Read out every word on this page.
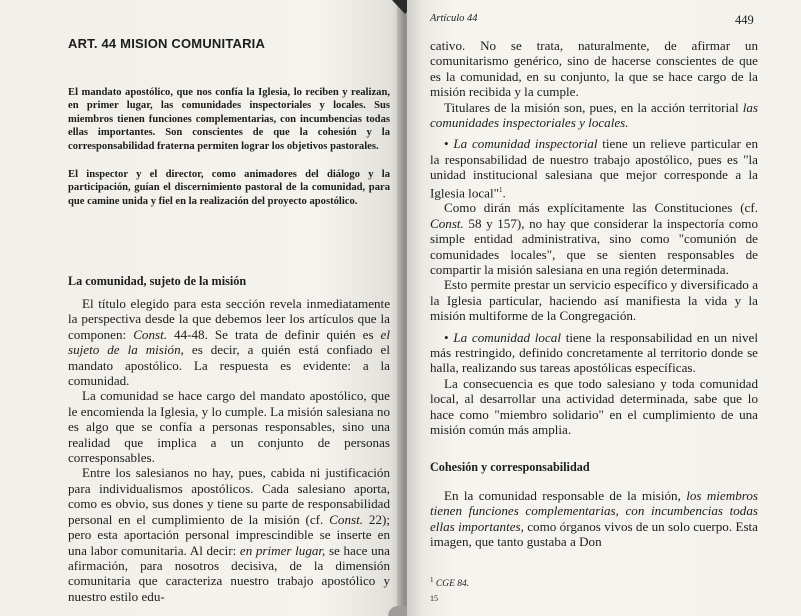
ART. 44 MISION COMUNITARIA
El mandato apostólico, que nos confía la Iglesia, lo reciben y realizan, en primer lugar, las comunidades inspectoriales y locales. Sus miembros tienen funciones complementarias, con incumbencias todas ellas importantes. Son conscientes de que la cohesión y la corresponsabilidad fraterna permiten lograr los objetivos pastorales.
El inspector y el director, como animadores del diálogo y la participación, guían el discernimiento pastoral de la comunidad, para que camine unida y fiel en la realización del proyecto apostólico.
La comunidad, sujeto de la misión

El título elegido para esta sección revela inmediatamente la perspectiva desde la que debemos leer los artículos que la componen: Const. 44-48. Se trata de definir quién es el sujeto de la misión, es decir, a quién está confiado el mandato apostólico. La respuesta es evidente: a la comunidad.

La comunidad se hace cargo del mandato apostólico, que le encomienda la Iglesia, y lo cumple. La misión salesiana no es algo que se confía a personas responsables, sino una realidad que implica a un conjunto de personas corresponsables.

Entre los salesianos no hay, pues, cabida ni justificación para individualismos apostólicos. Cada salesiano aporta, como es obvio, sus dones y tiene su parte de responsabilidad personal en el cumplimiento de la misión (cf. Const. 22); pero esta aportación personal imprescindible se inserte en una labor comunitaria. Al decir: en primer lugar, se hace una afirmación, para nosotros decisiva, de la dimensión comunitaria que caracteriza nuestro trabajo apostólico y nuestro estilo edu-

Artículo 44	449

cativo. No se trata, naturalmente, de afirmar un comunitarismo genérico, sino de hacerse conscientes de que es la comunidad, en su conjunto, la que se hace cargo de la misión recibida y la cumple.

Titulares de la misión son, pues, en la acción territorial las comunidades inspectoriales y locales.

• La comunidad inspectorial tiene un relieve particular en la responsabilidad de nuestro trabajo apostólico, pues es "la unidad institucional salesiana que mejor corresponde a la Iglesia local"$^1$.

Como dirán más explícitamente las Constituciones (cf. Const. 58 y 157), no hay que considerar la inspectoría como simple entidad administrativa, sino como "comunión de comunidades locales", que se sienten responsables de compartir la misión salesiana en una región determinada.

Esto permite prestar un servicio específico y diversificado a la Iglesia particular, haciendo así manifiesta la vida y la misión multiforme de la Congregación.

• La comunidad local tiene la responsabilidad en un nivel más restringido, definido concretamente al territorio donde se halla, realizando sus tareas apostólicas específicas.

La consecuencia es que todo salesiano y toda comunidad local, al desarrollar una actividad determinada, sabe que lo hace como "miembro solidario" en el cumplimiento de una misión común más amplia.

Cohesión y corresponsabilidad

En la comunidad responsable de la misión, los miembros tienen funciones complementarias, con incumbencias todas ellas importantes, como órganos vivos de un solo cuerpo. Esta imagen, que tanto gustaba a Don

$^1$ CGE 84.
15
